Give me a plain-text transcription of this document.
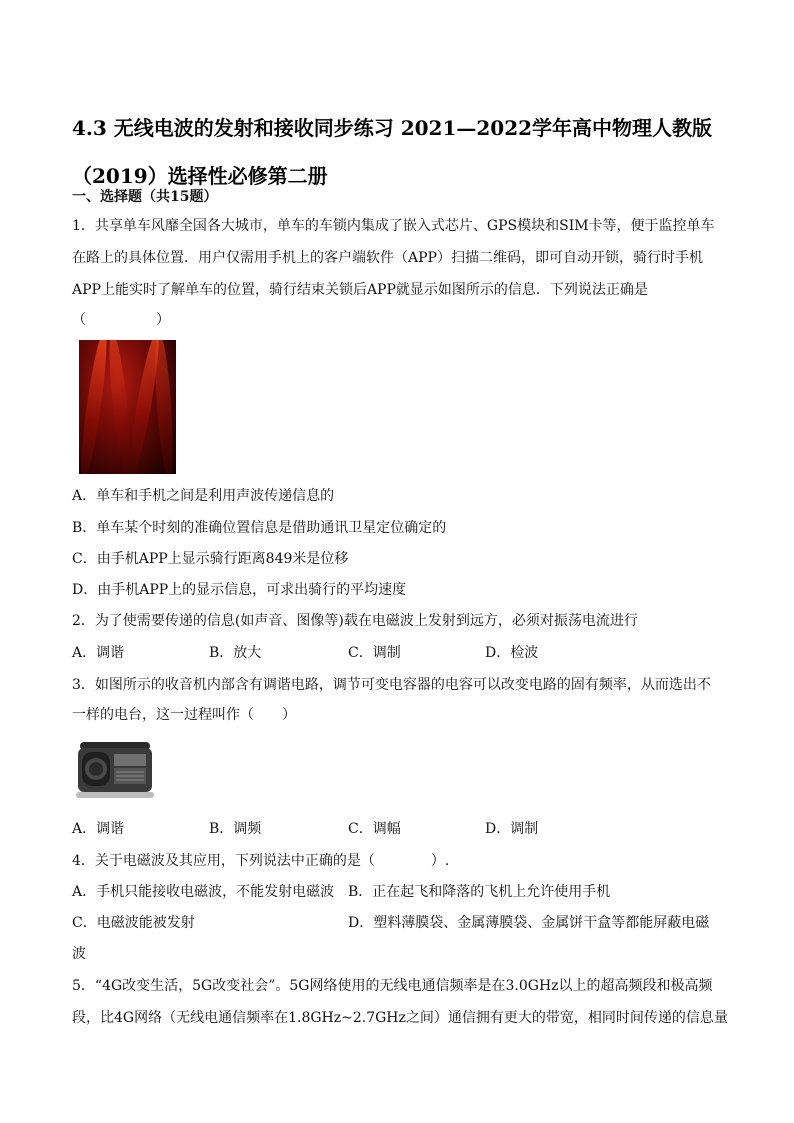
4.3 无线电波的发射和接收同步练习 2021—2022学年高中物理人教版（2019）选择性必修第二册
一、选择题（共15题）
1．共享单车风靡全国各大城市，单车的车锁内集成了嵌入式芯片、GPS模块和SIM卡等，便于监控单车
在路上的具体位置．用户仅需用手机上的客户端软件（APP）扫描二维码，即可自动开锁，骑行时手机
APP上能实时了解单车的位置，骑行结束关锁后APP就显示如图所示的信息．下列说法正确是
（　　　　　）
A．单车和手机之间是利用声波传递信息的
B．单车某个时刻的准确位置信息是借助通讯卫星定位确定的
C．由手机APP上显示骑行距离849米是位移
D．由手机APP上的显示信息，可求出骑行的平均速度
2．为了使需要传递的信息(如声音、图像等)载在电磁波上发射到远方，必须对振荡电流进行
A．调谐	B．放大	C．调制	D．检波
3．如图所示的收音机内部含有调谐电路，调节可变电容器的电容可以改变电路的固有频率，从而选出不
一样的电台，这一过程叫作（　　）
A．调谐	B．调频	C．调幅	D．调制
4．关于电磁波及其应用，下列说法中正确的是（　　　　）.
A．手机只能接收电磁波，不能发射电磁波 B．正在起飞和降落的飞机上允许使用手机
C．电磁波能被发射	D．塑料薄膜袋、金属薄膜袋、金属饼干盒等都能屏蔽电磁
波
5．“4G改变生活，5G改变社会”。5G网络使用的无线电通信频率是在3.0GHz以上的超高频段和极高频
段，比4G网络（无线电通信频率在1.8GHz~2.7GHz之间）通信拥有更大的带宽，相同时间传递的信息量
